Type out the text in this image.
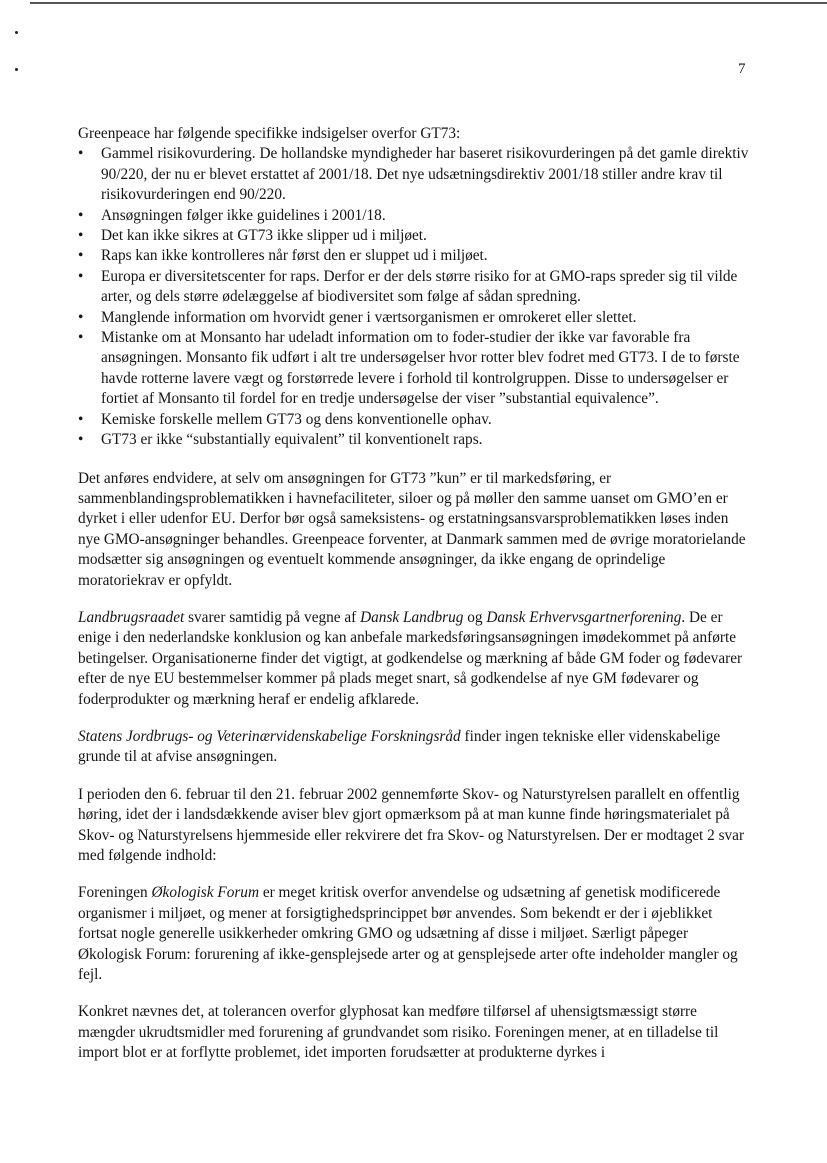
7

Greenpeace har følgende specifikke indsigelser overfor GT73:

• Gammel risikovurdering. De hollandske myndigheder har baseret risikovurderingen på det gamle direktiv 90/220, der nu er blevet erstattet af 2001/18. Det nye udsætningsdirektiv 2001/18 stiller andre krav til risikovurderingen end 90/220.
• Ansøgningen følger ikke guidelines i 2001/18.
• Det kan ikke sikres at GT73 ikke slipper ud i miljøet.
• Raps kan ikke kontrolleres når først den er sluppet ud i miljøet.
• Europa er diversitetscenter for raps. Derfor er der dels større risiko for at GMO-raps spreder sig til vilde arter, og dels større ødelæggelse af biodiversitet som følge af sådan spredning.
• Manglende information om hvorvidt gener i værtsorganismen er omrokeret eller slettet.
• Mistanke om at Monsanto har udeladt information om to foder-studier der ikke var favorable fra ansøgningen. Monsanto fik udført i alt tre undersøgelser hvor rotter blev fodret med GT73. I de to første havde rotterne lavere vægt og forstørrede levere i forhold til kontrolgruppen. Disse to undersøgelser er fortiet af Monsanto til fordel for en tredje undersøgelse der viser ”substantial equivalence”.
• Kemiske forskelle mellem GT73 og dens konventionelle ophav.
• GT73 er ikke “substantially equivalent” til konventionelt raps.

Det anføres endvidere, at selv om ansøgningen for GT73 ”kun” er til markedsføring, er sammenblandingsproblematikken i havnefaciliteter, siloer og på møller den samme uanset om GMO’en er dyrket i eller udenfor EU. Derfor bør også sameksistens- og erstatningsansvarsproblematikken løses inden nye GMO-ansøgninger behandles. Greenpeace forventer, at Danmark sammen med de øvrige moratorielande modsætter sig ansøgningen og eventuelt kommende ansøgninger, da ikke engang de oprindelige moratoriekrav er opfyldt.

Landbrugsraadet svarer samtidig på vegne af Dansk Landbrug og Dansk Erhvervsgartnerforening. De er enige i den nederlandske konklusion og kan anbefale markedsføringsansøgningen imødekommet på anførte betingelser. Organisationerne finder det vigtigt, at godkendelse og mærkning af både GM foder og fødevarer efter de nye EU bestemmelser kommer på plads meget snart, så godkendelse af nye GM fødevarer og foderprodukter og mærkning heraf er endelig afklarede.

Statens Jordbrugs- og Veterinærvidenskabelige Forskningsråd finder ingen tekniske eller videnskabelige grunde til at afvise ansøgningen.

I perioden den 6. februar til den 21. februar 2002 gennemførte Skov- og Naturstyrelsen parallelt en offentlig høring, idet der i landsdækkende aviser blev gjort opmærksom på at man kunne finde høringsmaterialet på Skov- og Naturstyrelsens hjemmeside eller rekvirere det fra Skov- og Naturstyrelsen. Der er modtaget 2 svar med følgende indhold:

Foreningen Økologisk Forum er meget kritisk overfor anvendelse og udsætning af genetisk modificerede organismer i miljøet, og mener at forsigtighedsprincippet bør anvendes. Som bekendt er der i øjeblikket fortsat nogle generelle usikkerheder omkring GMO og udsætning af disse i miljøet. Særligt påpeger Økologisk Forum: forurening af ikke-gensplejsede arter og at gensplejsede arter ofte indeholder mangler og fejl.

Konkret nævnes det, at tolerancen overfor glyphosat kan medføre tilførsel af uhensigtsmæssigt større mængder ukrudtsmidler med forurening af grundvandet som risiko. Foreningen mener, at en tilladelse til import blot er at forflytte problemet, idet importen forudsætter at produkterne dyrkes i
